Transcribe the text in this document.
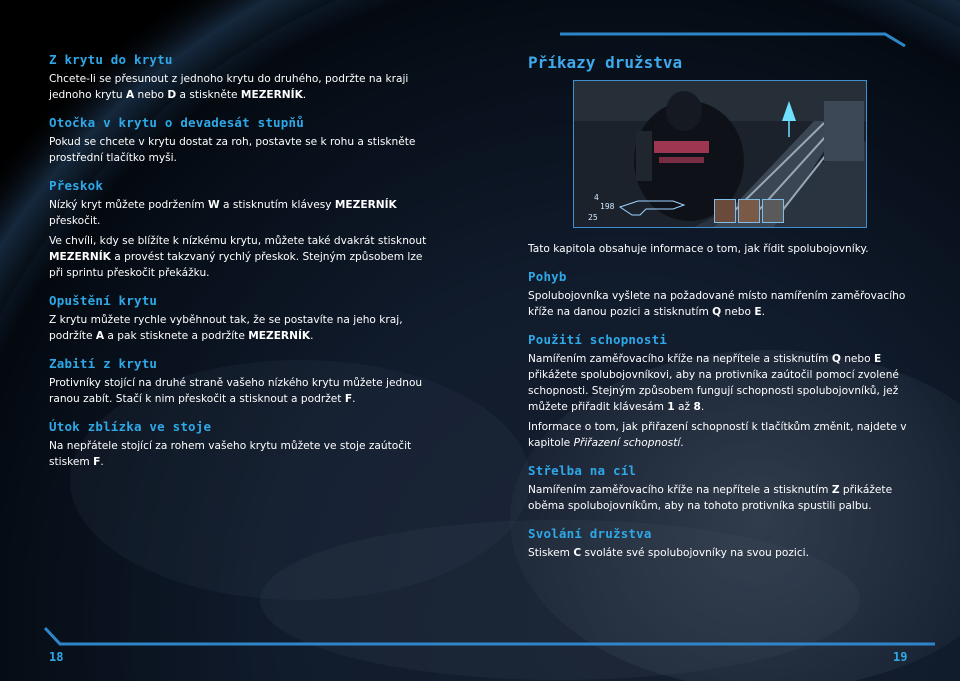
Z krytu do krytu

Chcete-li se přesunout z jednoho krytu do druhého, podržte na kraji jednoho krytu A nebo D a stiskněte MEZERNÍK.

Otočka v krytu o devadesát stupňů

Pokud se chcete v krytu dostat za roh, postavte se k rohu a stiskněte prostřední tlačítko myši.

Přeskok

Nízký kryt můžete podržením W a stisknutím klávesy MEZERNÍK přeskočit.

Ve chvíli, kdy se blížíte k nízkému krytu, můžete také dvakrát stisknout MEZERNÍK a provést takzvaný rychlý přeskok. Stejným způsobem lze při sprintu přeskočit překážku.

Opuštění krytu

Z krytu můžete rychle vyběhnout tak, že se postavíte na jeho kraj, podržíte A a pak stisknete a podržíte MEZERNÍK.

Zabití z krytu

Protivníky stojící na druhé straně vašeho nízkého krytu můžete jednou ranou zabít. Stačí k nim přeskočit a stisknout a podržet F.

Útok zblízka ve stoje

Na nepřátele stojící za rohem vašeho krytu můžete ve stoje zaútočit stiskem F.

Příkazy družstva
4
198
25

Tato kapitola obsahuje informace o tom, jak řídit spolubojovníky.

Pohyb

Spolubojovníka vyšlete na požadované místo namířením zaměřovacího kříže na danou pozici a stisknutím Q nebo E.

Použití schopnosti

Namířením zaměřovacího kříže na nepřítele a stisknutím Q nebo E přikážete spolubojovníkovi, aby na protivníka zaútočil pomocí zvolené schopnosti. Stejným způsobem fungují schopnosti spolubojovníků, jež můžete přiřadit klávesám 1 až 8.

Informace o tom, jak přiřazení schopností k tlačítkům změnit, najdete v kapitole Přiřazení schopností.

Střelba na cíl

Namířením zaměřovacího kříže na nepřítele a stisknutím Z přikážete oběma spolubojovníkům, aby na tohoto protivníka spustili palbu.

Svolání družstva

Stiskem C svoláte své spolubojovníky na svou pozici.

18	19
